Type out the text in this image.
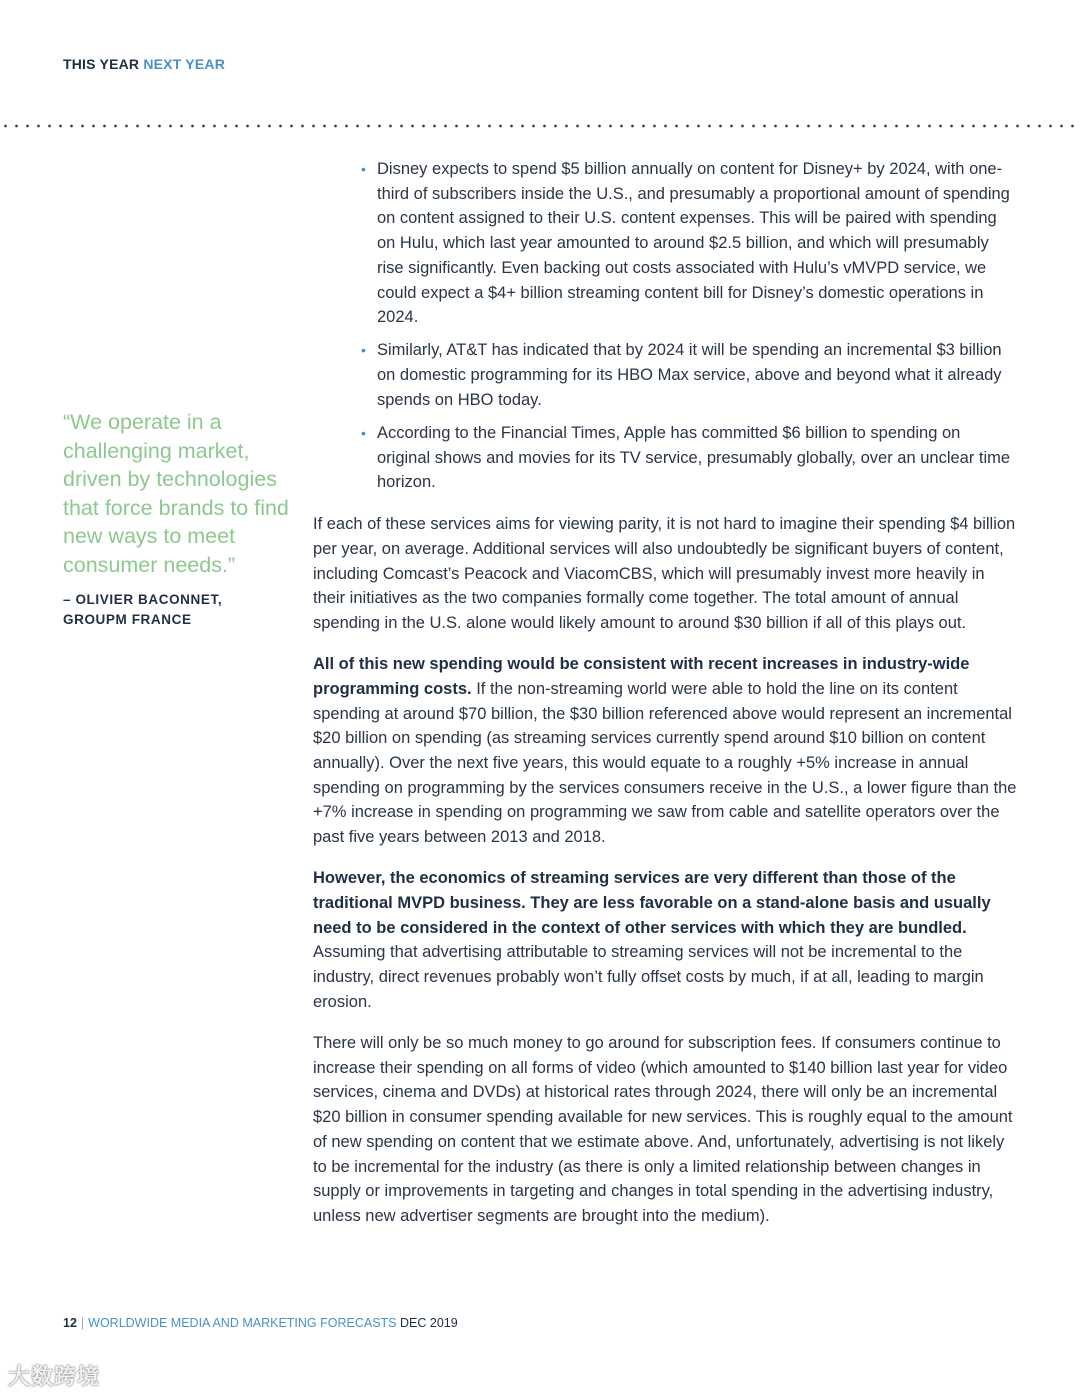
THIS YEAR NEXT YEAR

“We operate in a challenging market, driven by technologies that force brands to find new ways to meet consumer needs.”

– OLIVIER BACONNET,
GROUPM FRANCE
• Disney expects to spend $5 billion annually on content for Disney+ by 2024, with one-third of subscribers inside the U.S., and presumably a proportional amount of spending on content assigned to their U.S. content expenses. This will be paired with spending on Hulu, which last year amounted to around $2.5 billion, and which will presumably rise significantly. Even backing out costs associated with Hulu’s vMVPD service, we could expect a $4+ billion streaming content bill for Disney’s domestic operations in 2024.
• Similarly, AT&T has indicated that by 2024 it will be spending an incremental $3 billion on domestic programming for its HBO Max service, above and beyond what it already spends on HBO today.
• According to the Financial Times, Apple has committed $6 billion to spending on original shows and movies for its TV service, presumably globally, over an unclear time horizon.

If each of these services aims for viewing parity, it is not hard to imagine their spending $4 billion per year, on average. Additional services will also undoubtedly be significant buyers of content, including Comcast’s Peacock and ViacomCBS, which will presumably invest more heavily in their initiatives as the two companies formally come together. The total amount of annual spending in the U.S. alone would likely amount to around $30 billion if all of this plays out.

All of this new spending would be consistent with recent increases in industry-wide programming costs. If the non-streaming world were able to hold the line on its content spending at around $70 billion, the $30 billion referenced above would represent an incremental $20 billion on spending (as streaming services currently spend around $10 billion on content annually). Over the next five years, this would equate to a roughly +5% increase in annual spending on programming by the services consumers receive in the U.S., a lower figure than the +7% increase in spending on programming we saw from cable and satellite operators over the past five years between 2013 and 2018.

However, the economics of streaming services are very different than those of the traditional MVPD business. They are less favorable on a stand-alone basis and usually need to be considered in the context of other services with which they are bundled. Assuming that advertising attributable to streaming services will not be incremental to the industry, direct revenues probably won’t fully offset costs by much, if at all, leading to margin erosion.

There will only be so much money to go around for subscription fees. If consumers continue to increase their spending on all forms of video (which amounted to $140 billion last year for video services, cinema and DVDs) at historical rates through 2024, there will only be an incremental $20 billion in consumer spending available for new services. This is roughly equal to the amount of new spending on content that we estimate above. And, unfortunately, advertising is not likely to be incremental for the industry (as there is only a limited relationship between changes in supply or improvements in targeting and changes in total spending in the advertising industry, unless new advertiser segments are brought into the medium).

12 | WORLDWIDE MEDIA AND MARKETING FORECASTS DEC 2019
大数跨境
